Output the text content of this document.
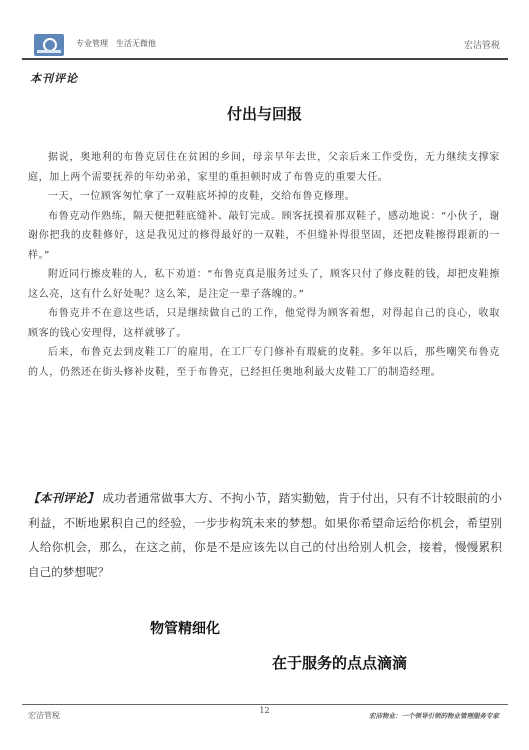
专业管理　生活无微他	宏洁管税
本刊评论
付出与回报

据说，奥地利的布鲁克居住在贫困的乡间，母亲早年去世，父亲后来工作受伤，无力继续支撑家庭，加上两个需要抚养的年幼弟弟，家里的重担顿时成了布鲁克的重要大任。

一天，一位顾客匆忙拿了一双鞋底坏掉的皮鞋，交给布鲁克修理。

布鲁克动作熟练，隔天便把鞋底缝补、敲钉完成。顾客抚摸着那双鞋子，感动地说：“小伙子，谢谢你把我的皮鞋修好，这是我见过的修得最好的一双鞋，不但缝补得很坚固，还把皮鞋擦得跟新的一样。”

附近同行擦皮鞋的人，私下劝道：“布鲁克真是服务过头了，顾客只付了修皮鞋的钱，却把皮鞋擦这么亮，这有什么好处呢？这么笨，是注定一辈子落魄的。”

布鲁克并不在意这些话，只是继续做自己的工作，他觉得为顾客着想，对得起自己的良心，收取顾客的钱心安理得，这样就够了。

后来，布鲁克去到皮鞋工厂的雇用，在工厂专门修补有瑕疵的皮鞋。多年以后，那些嘲笑布鲁克的人，仍然还在街头修补皮鞋，至于布鲁克，已经担任奥地利最大皮鞋工厂的制造经理。

【本刊评论】 成功者通常做事大方、不拘小节，踏实勤勉，肯于付出，只有不计较眼前的小利益，不断地累积自己的经验，一步步构筑未来的梦想。如果你希望命运给你机会，希望别人给你机会，那么，在这之前，你是不是应该先以自己的付出给别人机会，接着，慢慢累积自己的梦想呢？
物管精细化
在于服务的点点滴滴
宏洁管税
12
宏洁物业：一个领导引领的物业管理服务专家
